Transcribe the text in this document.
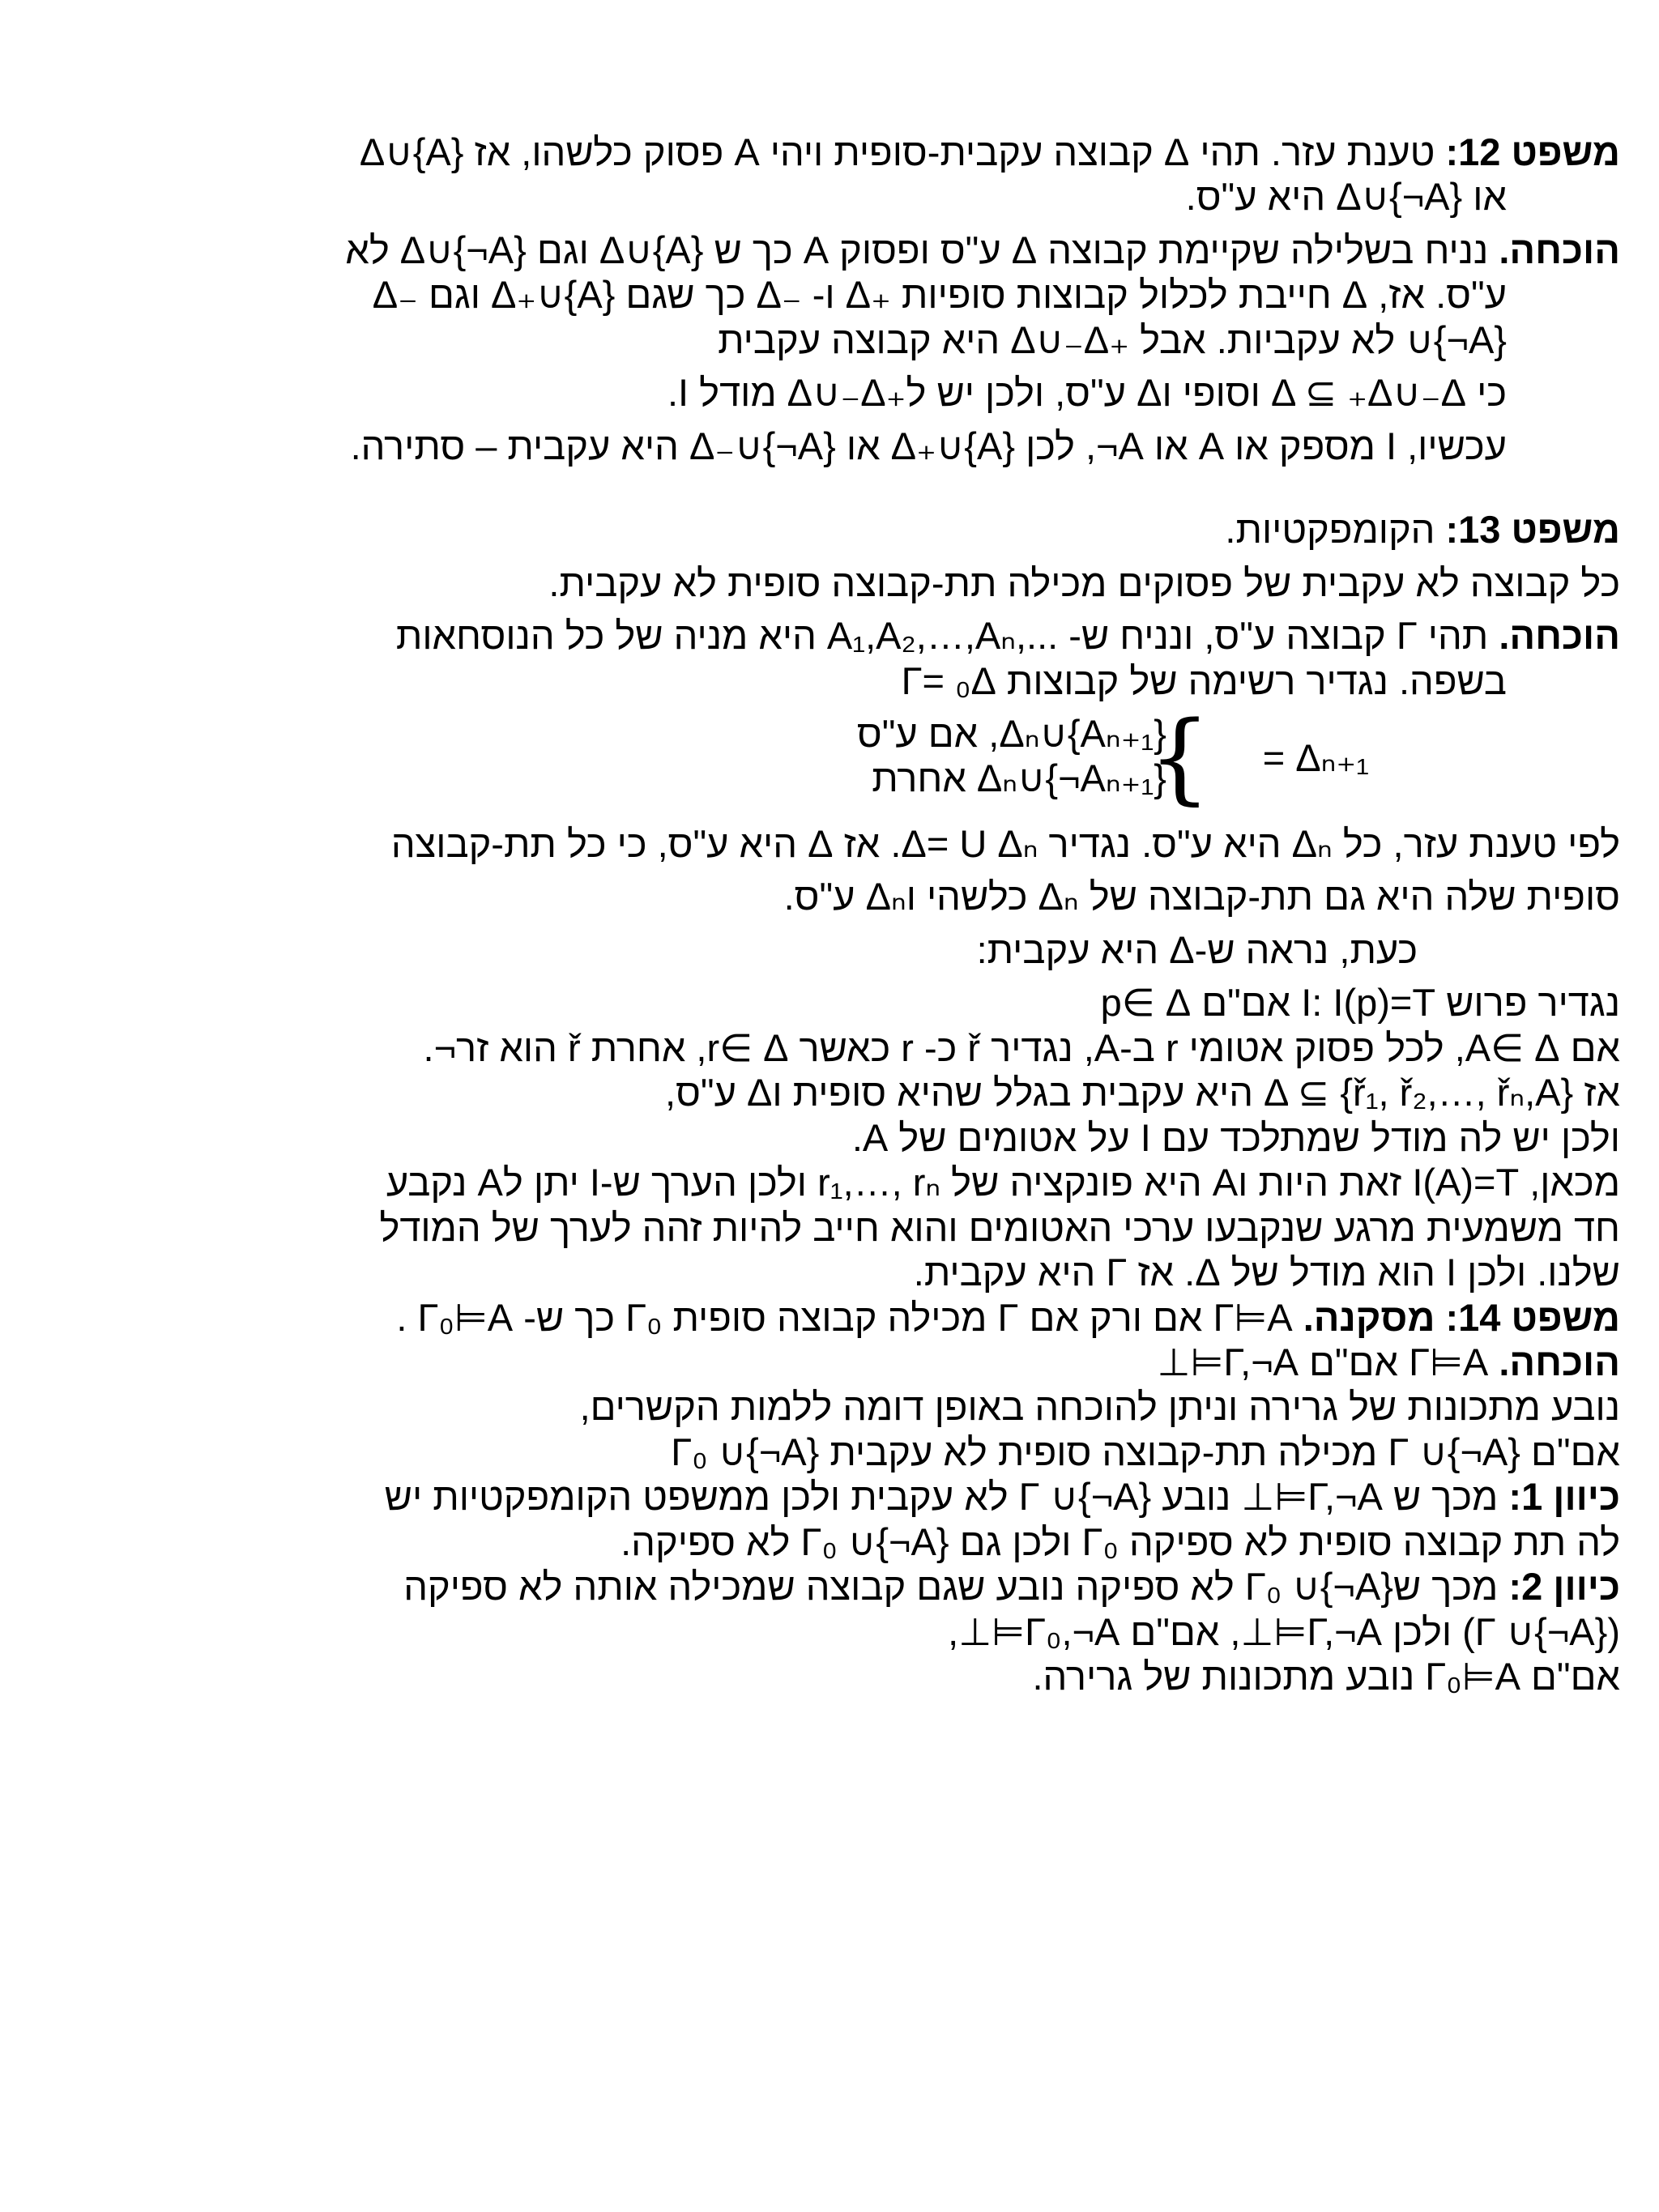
משפט 12: טענת עזר. תהי Δ קבוצה עקבית-סופית ויהי A פסוק כלשהו, אז {A}∪Δ
או {A¬}∪Δ היא ע"ס.
הוכחה. נניח בשלילה שקיימת קבוצה Δ ע"ס ופסוק A כך ש {A}∪Δ וגם {A¬}∪Δ לא
ע"ס. אז, Δ חייבת לכלול קבוצות סופיות ₊Δ ו- ₋Δ כך שגם {A}∪₊Δ וגם ₋Δ
{A¬}∪ לא עקביות. אבל ₊Δ∪₋Δ היא קבוצה עקבית
כי Δ ⊆ ₊Δ∪₋Δ וסופי וΔ ע"ס, ולכן יש ל₊Δ∪₋Δ מודל I.
עכשיו, I מספק או A או A¬, לכן {A}∪₊Δ או {A¬}∪₋Δ היא עקבית – סתירה.
משפט 13: הקומפקטיות.
כל קבוצה לא עקבית של פסוקים מכילה תת-קבוצה סופית לא עקבית.
הוכחה. תהי Γ קבוצה ע"ס, ונניח ש- ...,A₁,A₂,…,Aₙ היא מניה של כל הנוסחאות
בשפה. נגדיר רשימה של קבוצות Γ= ₀Δ
Δₙ∪{Aₙ₊₁}, אם ע"ס
Δₙ∪{¬Aₙ₊₁} אחרת
} Δₙ₊₁ =
לפי טענת עזר, כל Δₙ היא ע"ס. נגדיר Δ= U Δₙ. אז Δ היא ע"ס, כי כל תת-קבוצה
סופית שלה היא גם תת-קבוצה של Δₙ כלשהי וΔₙ ע"ס.
כעת, נראה ש-Δ היא עקבית:
נגדיר פרוש I: I(p)=T אם"ם p∈ Δ
אם A∈ Δ, לכל פסוק אטומי r ב-A, נגדיר ř כ- r כאשר r∈ Δ, אחרת ř הוא זר¬.
אז Δ ⊆ {ř₁, ř₂,…, řₙ,A} היא עקבית בגלל שהיא סופית וΔ ע"ס,
ולכן יש לה מודל שמתלכד עם I על אטומים של A.
מכאן, I(A)=T זאת היות וA היא פונקציה של r₁,…, rₙ ולכן הערך ש-I יתן לA נקבע
חד משמעית מרגע שנקבעו ערכי האטומים והוא חייב להיות זהה לערך של המודל
שלנו. ולכן I הוא מודל של Δ. אז Γ היא עקבית.
משפט 14: מסקנה. Γ⊨A אם ורק אם Γ מכילה קבוצה סופית Γ₀ כך ש- Γ₀⊨A .
הוכחה. Γ⊨A אם"ם Γ,¬A⊨⊥
נובע מתכונות של גרירה וניתן להוכחה באופן דומה ללמות הקשרים,
אם"ם {A¬}∪ Γ מכילה תת-קבוצה סופית לא עקבית {A¬}∪ Γ₀
כיוון 1: מכך ש Γ,¬A⊨⊥ נובע {A¬}∪ Γ לא עקבית ולכן ממשפט הקומפקטיות יש
לה תת קבוצה סופית לא ספיקה Γ₀ ולכן גם {A¬}∪ Γ₀ לא ספיקה.
כיוון 2: מכך ש{A¬}∪ Γ₀ לא ספיקה נובע שגם קבוצה שמכילה אותה לא ספיקה
({A¬}∪ Γ) ולכן Γ,¬A⊨⊥, אם"ם Γ₀,¬A⊨⊥,
אם"ם Γ₀⊨A נובע מתכונות של גרירה.
